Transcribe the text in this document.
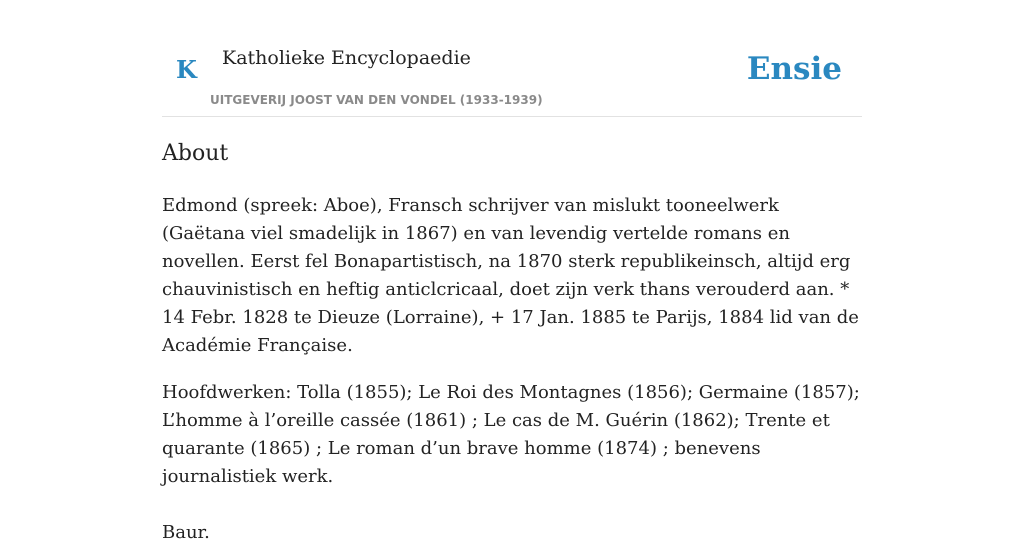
K Katholieke Encyclopaedie
UITGEVERIJ JOOST VAN DEN VONDEL (1933-1939)
Ensie
About

Edmond (spreek: Aboe), Fransch schrijver van mislukt tooneelwerk (Gaëtana viel smadelijk in 1867) en van levendig vertelde romans en novellen. Eerst fel Bonapartistisch, na 1870 sterk republikeinsch, altijd erg chauvinistisch en heftig anticlcricaal, doet zijn verk thans verouderd aan. * 14 Febr. 1828 te Dieuze (Lorraine), + 17 Jan. 1885 te Parijs, 1884 lid van de Académie Française.

Hoofdwerken: Tolla (1855); Le Roi des Montagnes (1856); Germaine (1857); L’homme à l’oreille cassée (1861) ; Le cas de M. Guérin (1862); Trente et quarante (1865) ; Le roman d’un brave homme (1874) ; benevens journalistiek werk.

Baur.
